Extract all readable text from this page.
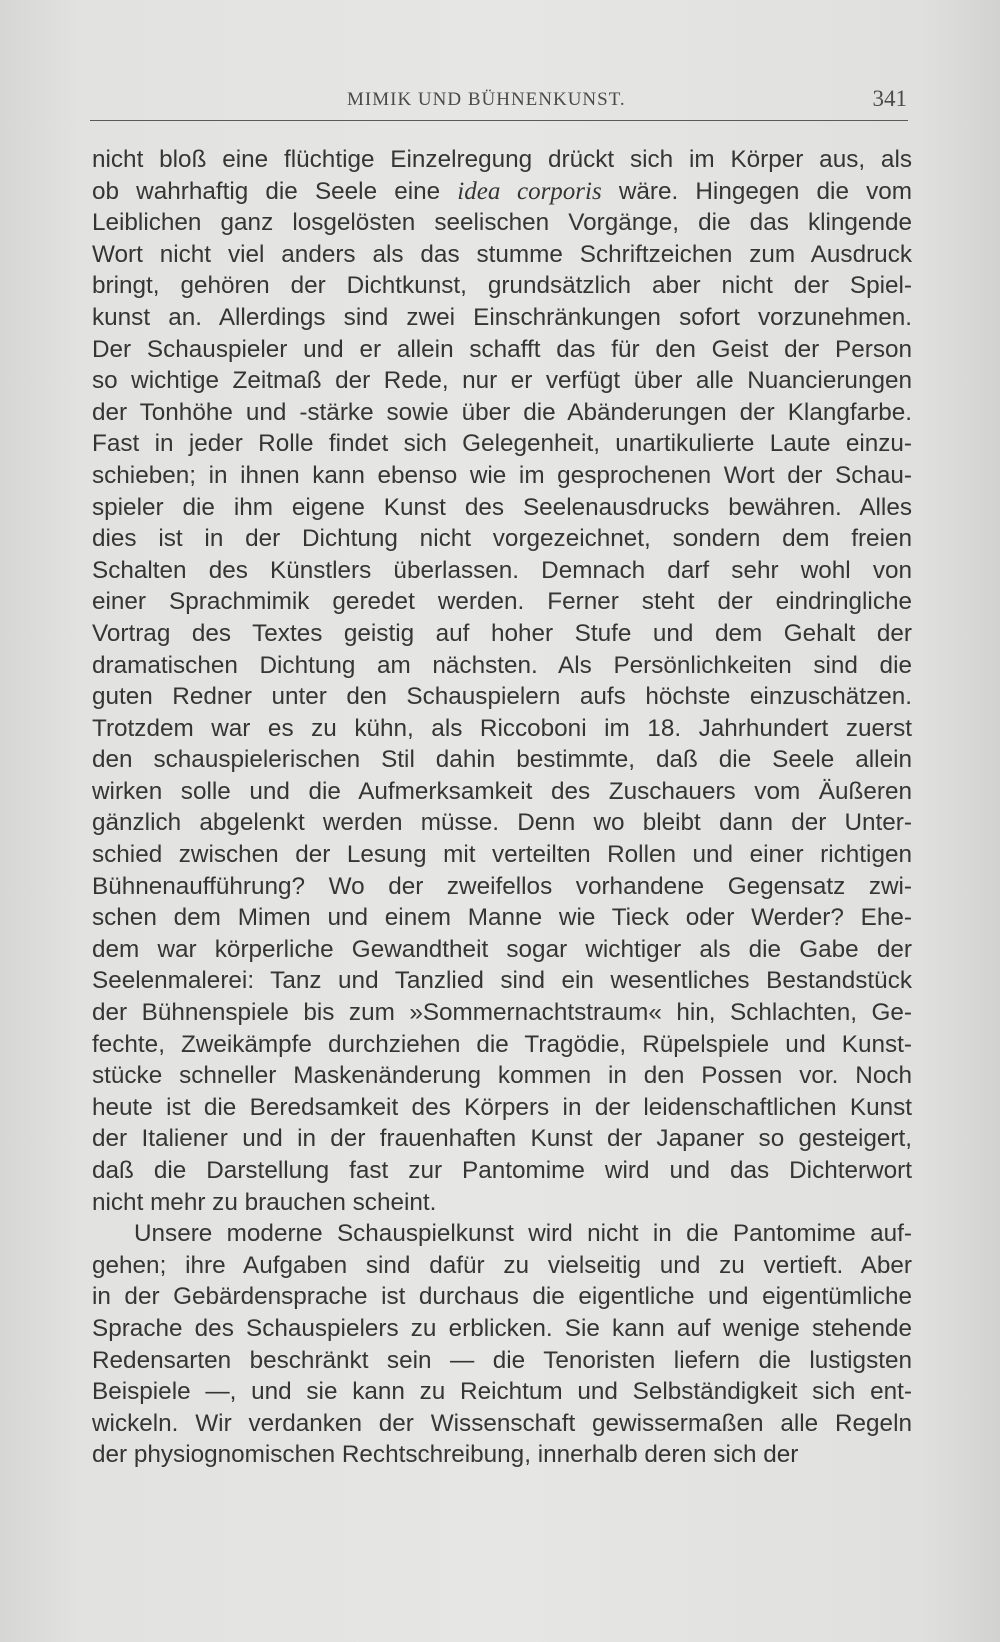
MIMIK UND BÜHNENKUNST.	341
nicht bloß eine flüchtige Einzelregung drückt sich im Körper aus, als
ob wahrhaftig die Seele eine idea corporis wäre. Hingegen die vom
Leiblichen ganz losgelösten seelischen Vorgänge, die das klingende
Wort nicht viel anders als das stumme Schriftzeichen zum Ausdruck
bringt, gehören der Dichtkunst, grundsätzlich aber nicht der Spiel-
kunst an. Allerdings sind zwei Einschränkungen sofort vorzunehmen.
Der Schauspieler und er allein schafft das für den Geist der Person
so wichtige Zeitmaß der Rede, nur er verfügt über alle Nuancierungen
der Tonhöhe und -stärke sowie über die Abänderungen der Klangfarbe.
Fast in jeder Rolle findet sich Gelegenheit, unartikulierte Laute einzu-
schieben; in ihnen kann ebenso wie im gesprochenen Wort der Schau-
spieler die ihm eigene Kunst des Seelenausdrucks bewähren. Alles
dies ist in der Dichtung nicht vorgezeichnet, sondern dem freien
Schalten des Künstlers überlassen. Demnach darf sehr wohl von
einer Sprachmimik geredet werden. Ferner steht der eindringliche
Vortrag des Textes geistig auf hoher Stufe und dem Gehalt der
dramatischen Dichtung am nächsten. Als Persönlichkeiten sind die
guten Redner unter den Schauspielern aufs höchste einzuschätzen.
Trotzdem war es zu kühn, als Riccoboni im 18. Jahrhundert zuerst
den schauspielerischen Stil dahin bestimmte, daß die Seele allein
wirken solle und die Aufmerksamkeit des Zuschauers vom Äußeren
gänzlich abgelenkt werden müsse. Denn wo bleibt dann der Unter-
schied zwischen der Lesung mit verteilten Rollen und einer richtigen
Bühnenaufführung? Wo der zweifellos vorhandene Gegensatz zwi-
schen dem Mimen und einem Manne wie Tieck oder Werder? Ehe-
dem war körperliche Gewandtheit sogar wichtiger als die Gabe der
Seelenmalerei: Tanz und Tanzlied sind ein wesentliches Bestandstück
der Bühnenspiele bis zum »Sommernachtstraum« hin, Schlachten, Ge-
fechte, Zweikämpfe durchziehen die Tragödie, Rüpelspiele und Kunst-
stücke schneller Maskenänderung kommen in den Possen vor. Noch
heute ist die Beredsamkeit des Körpers in der leidenschaftlichen Kunst
der Italiener und in der frauenhaften Kunst der Japaner so gesteigert,
daß die Darstellung fast zur Pantomime wird und das Dichterwort
nicht mehr zu brauchen scheint.
Unsere moderne Schauspielkunst wird nicht in die Pantomime auf-
gehen; ihre Aufgaben sind dafür zu vielseitig und zu vertieft. Aber
in der Gebärdensprache ist durchaus die eigentliche und eigentümliche
Sprache des Schauspielers zu erblicken. Sie kann auf wenige stehende
Redensarten beschränkt sein — die Tenoristen liefern die lustigsten
Beispiele —, und sie kann zu Reichtum und Selbständigkeit sich ent-
wickeln. Wir verdanken der Wissenschaft gewissermaßen alle Regeln
der physiognomischen Rechtschreibung, innerhalb deren sich der
